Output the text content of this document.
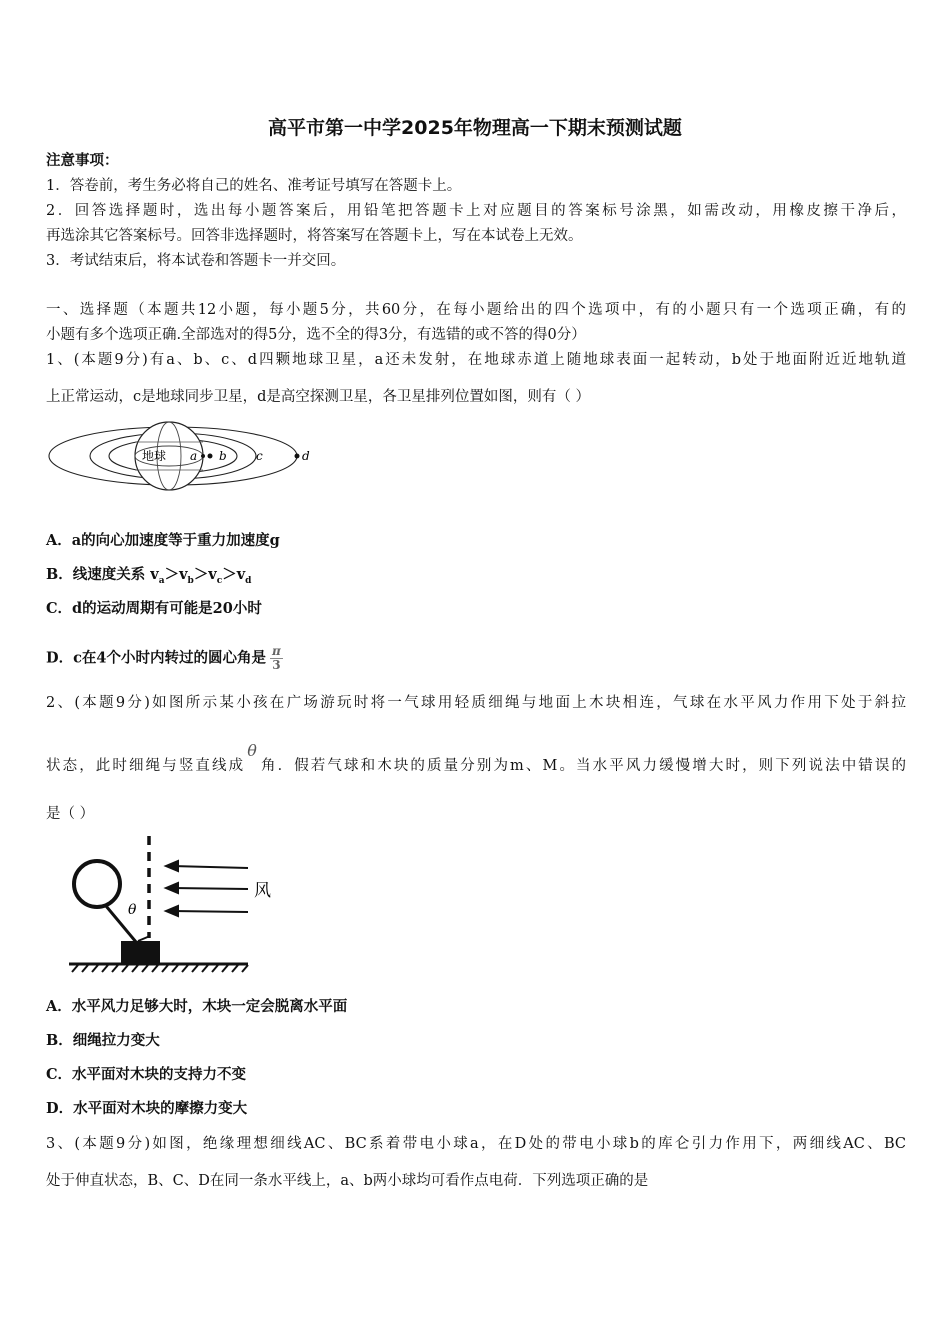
高平市第一中学2025年物理高一下期末预测试题
注意事项：
1．答卷前，考生务必将自己的姓名、准考证号填写在答题卡上。
2．回答选择题时，选出每小题答案后，用铅笔把答题卡上对应题目的答案标号涂黑，如需改动，用橡皮擦干净后，
再选涂其它答案标号。回答非选择题时，将答案写在答题卡上，写在本试卷上无效。
3．考试结束后，将本试卷和答题卡一并交回。
一、选择题（本题共12小题，每小题5分，共60分，在每小题给出的四个选项中，有的小题只有一个选项正确，有的
小题有多个选项正确.全部选对的得5分，选不全的得3分，有选错的或不答的得0分）
1、(本题9分)有a、b、c、d四颗地球卫星，a还未发射，在地球赤道上随地球表面一起转动，b处于地面附近近地轨道
上正常运动，c是地球同步卫星，d是高空探测卫星，各卫星排列位置如图，则有（ ）
地球 a b c	d
A．a的向心加速度等于重力加速度g
B．线速度关系 $v_a>v_b>v_c>v_d$
C．d的运动周期有可能是20小时
D．c在4个小时内转过的圆心角是 $\frac{\pi}{3}$
2、(本题9分)如图所示某小孩在广场游玩时将一气球用轻质细绳与地面上木块相连，气球在水平风力作用下处于斜拉
状态，此时细绳与竖直线成θ角．假若气球和木块的质量分别为m、M。当水平风力缓慢增大时，则下列说法中错误的
是（ ）
θ
风
A．水平风力足够大时，木块一定会脱离水平面
B．细绳拉力变大
C．水平面对木块的支持力不变
D．水平面对木块的摩擦力变大
3、(本题9分)如图，绝缘理想细线AC、BC系着带电小球a，在D处的带电小球b的库仑引力作用下，两细线AC、BC
处于伸直状态，B、C、D在同一条水平线上，a、b两小球均可看作点电荷．下列选项正确的是
